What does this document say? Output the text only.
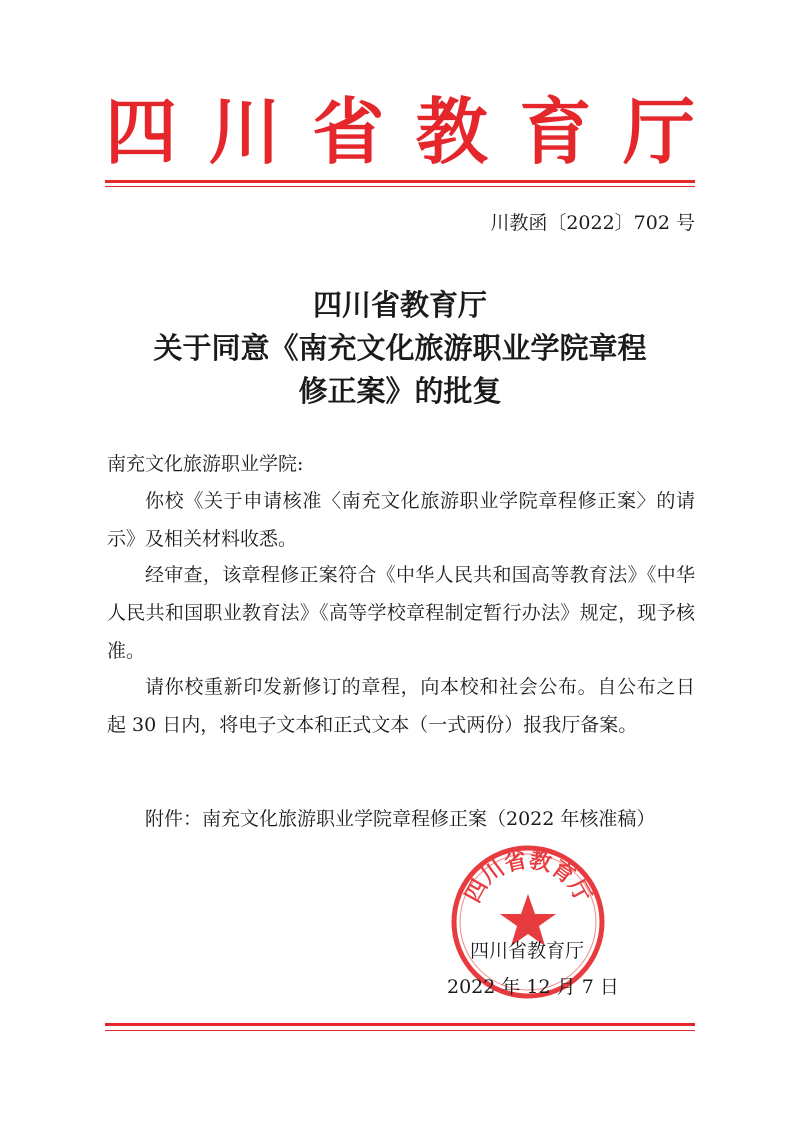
四 川 省 教 育 厅
川教函〔2022〕702 号
四川省教育厅
关于同意《南充文化旅游职业学院章程
修正案》的批复
南充文化旅游职业学院:
你校《关于申请核准〈南充文化旅游职业学院章程修正案〉的请示》及相关材料收悉。
经审查，该章程修正案符合《中华人民共和国高等教育法》《中华人民共和国职业教育法》《高等学校章程制定暂行办法》规定，现予核准。
请你校重新印发新修订的章程，向本校和社会公布。自公布之日起 30 日内，将电子文本和正式文本（一式两份）报我厅备案。
附件：南充文化旅游职业学院章程修正案（2022 年核准稿）
四川省教育厅
四川省教育厅
2022 年 12 月 7 日
